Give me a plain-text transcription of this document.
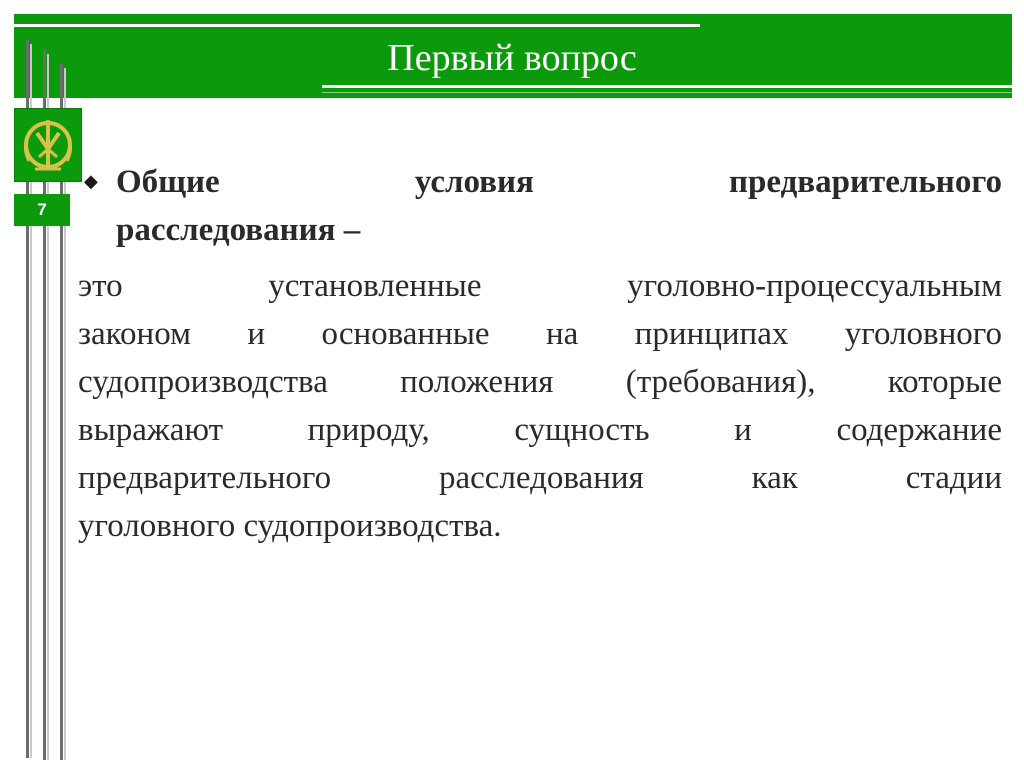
Первый вопрос
7
◆ Общие условия предварительного
расследования –
это установленные уголовно-процессуальным
законом и основанные на принципах уголовного
судопроизводства положения (требования), которые
выражают природу, сущность и содержание
предварительного расследования как стадии
уголовного судопроизводства.
